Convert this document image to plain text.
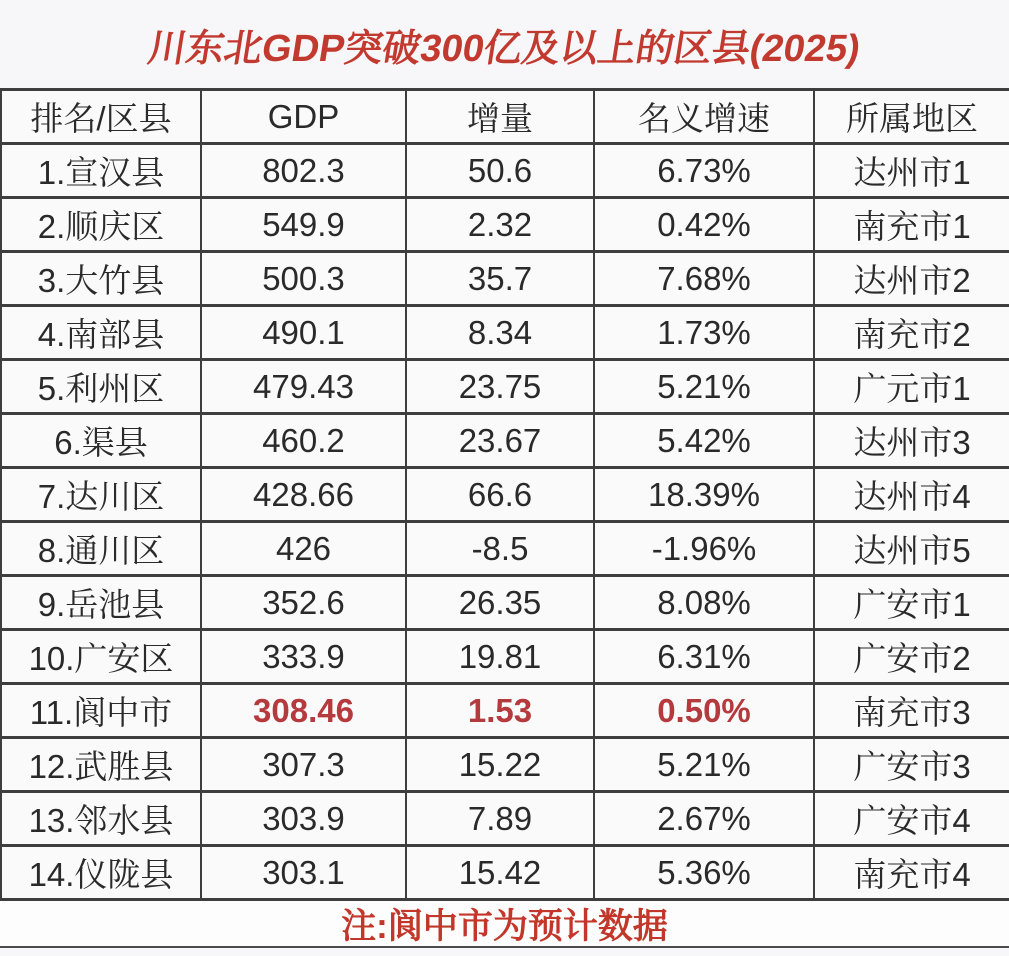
川东北GDP突破300亿及以上的区县(2025)
排名/区县	GDP	增量	名义增速	所属地区
1.宣汉县	802.3	50.6	6.73%	达州市1
2.顺庆区	549.9	2.32	0.42%	南充市1
3.大竹县	500.3	35.7	7.68%	达州市2
4.南部县	490.1	8.34	1.73%	南充市2
5.利州区	479.43	23.75	5.21%	广元市1
6.渠县	460.2	23.67	5.42%	达州市3
7.达川区	428.66	66.6	18.39%	达州市4
8.通川区	426	-8.5	-1.96%	达州市5
9.岳池县	352.6	26.35	8.08%	广安市1
10.广安区	333.9	19.81	6.31%	广安市2
11.阆中市	308.46	1.53	0.50%	南充市3
12.武胜县	307.3	15.22	5.21%	广安市3
13.邻水县	303.9	7.89	2.67%	广安市4
14.仪陇县	303.1	15.42	5.36%	南充市4
注:阆中市为预计数据
